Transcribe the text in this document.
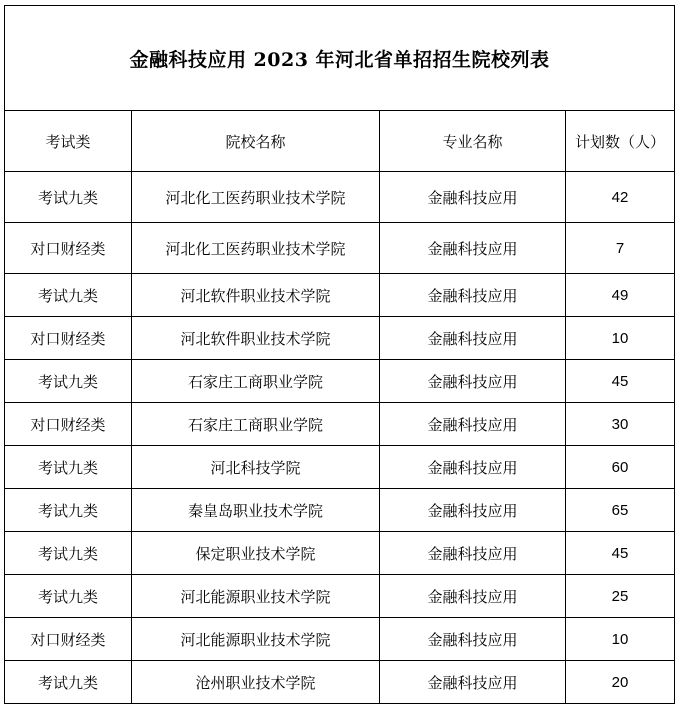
金融科技应用 2023 年河北省单招招生院校列表			
考试类	院校名称	专业名称	计划数（人）
考试九类	河北化工医药职业技术学院	金融科技应用	42
对口财经类	河北化工医药职业技术学院	金融科技应用	7
考试九类	河北软件职业技术学院	金融科技应用	49
对口财经类	河北软件职业技术学院	金融科技应用	10
考试九类	石家庄工商职业学院	金融科技应用	45
对口财经类	石家庄工商职业学院	金融科技应用	30
考试九类	河北科技学院	金融科技应用	60
考试九类	秦皇岛职业技术学院	金融科技应用	65
考试九类	保定职业技术学院	金融科技应用	45
考试九类	河北能源职业技术学院	金融科技应用	25
对口财经类	河北能源职业技术学院	金融科技应用	10
考试九类	沧州职业技术学院	金融科技应用	20
